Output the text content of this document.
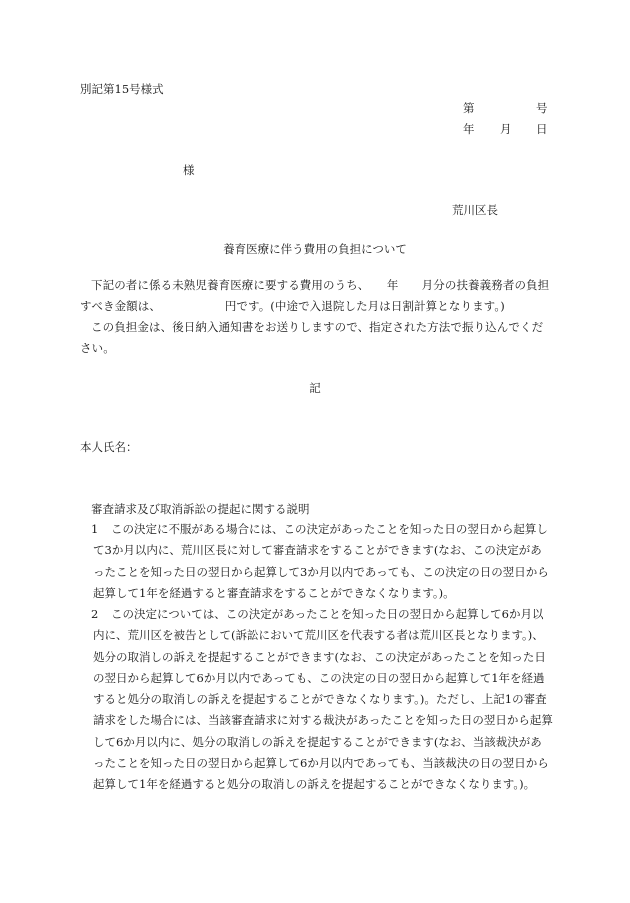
別記第15号様式
第	号
年 月 日
様
荒川区長
養育医療に伴う費用の負担について
下記の者に係る未熟児養育医療に要する費用のうち、　　年　　月分の扶養義務者の負担すべき金額は、　　　　　　円です。(中途で入退院した月は日割計算となります。)
この負担金は、後日納入通知書をお送りしますので、指定された方法で振り込んでください。
記
本人氏名：
審査請求及び取消訴訟の提起に関する説明
1	この決定に不服がある場合には、この決定があったことを知った日の翌日から起算して3か月以内に、荒川区長に対して審査請求をすることができます(なお、この決定があったことを知った日の翌日から起算して3か月以内であっても、この決定の日の翌日から起算して1年を経過すると審査請求をすることができなくなります。)。
2	この決定については、この決定があったことを知った日の翌日から起算して6か月以内に、荒川区を被告として(訴訟において荒川区を代表する者は荒川区長となります。)、処分の取消しの訴えを提起することができます(なお、この決定があったことを知った日の翌日から起算して6か月以内であっても、この決定の日の翌日から起算して1年を経過すると処分の取消しの訴えを提起することができなくなります。)。ただし、上記1の審査請求をした場合には、当該審査請求に対する裁決があったことを知った日の翌日から起算して6か月以内に、処分の取消しの訴えを提起することができます(なお、当該裁決があったことを知った日の翌日から起算して6か月以内であっても、当該裁決の日の翌日から起算して1年を経過すると処分の取消しの訴えを提起することができなくなります。)。
